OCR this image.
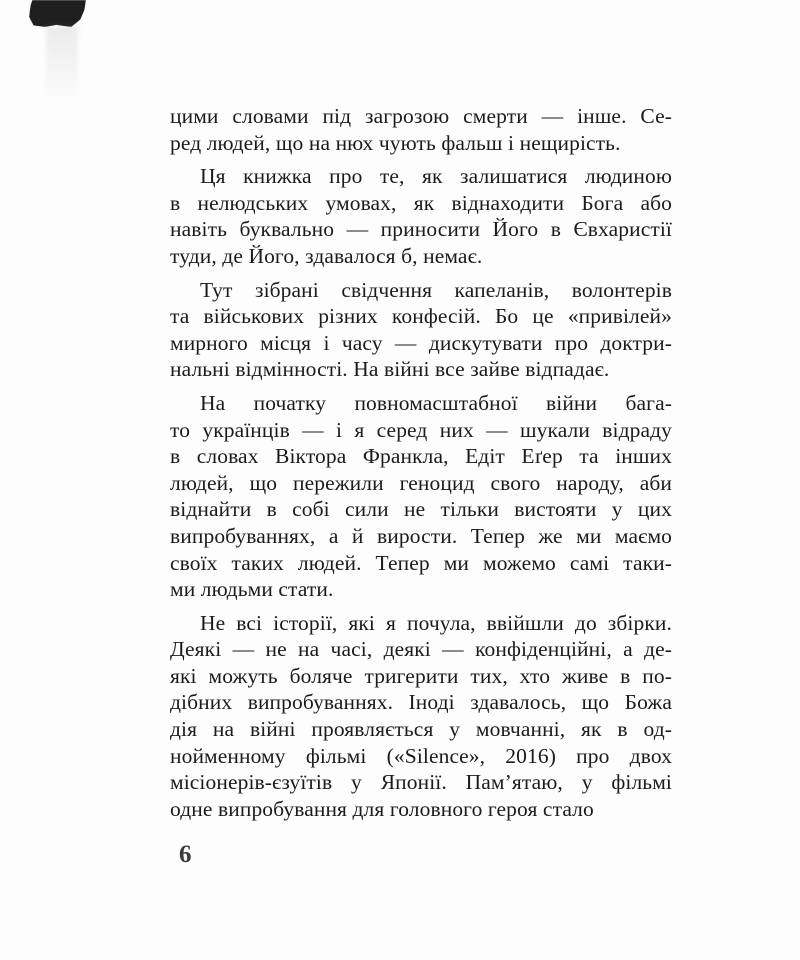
цими словами під загрозою смерти — інше. Се-
ред людей, що на нюх чують фальш і нещирість.
Ця книжка про те, як залишатися людиною
в нелюдських умовах, як віднаходити Бога або
навіть буквально — приносити Його в Євхаристії
туди, де Його, здавалося б, немає.
Тут зібрані свідчення капеланів, волонтерів
та військових різних конфесій. Бо це «привілей»
мирного місця і часу — дискутувати про доктри-
нальні відмінності. На війні все зайве відпадає.
На початку повномасштабної війни бага-
то українців — і я серед них — шукали відраду
в словах Віктора Франкла, Едіт Еґер та інших
людей, що пережили геноцид свого народу, аби
віднайти в собі сили не тільки вистояти у цих
випробуваннях, а й вирости. Тепер же ми маємо
своїх таких людей. Тепер ми можемо самі таки-
ми людьми стати.
Не всі історії, які я почула, ввійшли до збірки.
Деякі — не на часі, деякі — конфіденційні, а де-
які можуть боляче тригерити тих, хто живе в по-
дібних випробуваннях. Іноді здавалось, що Божа
дія на війні проявляється у мовчанні, як в од-
нойменному фільмі («Silence», 2016) про двох
місіонерів-єзуїтів у Японії. Пам’ятаю, у фільмі
одне випробування для головного героя стало
6
